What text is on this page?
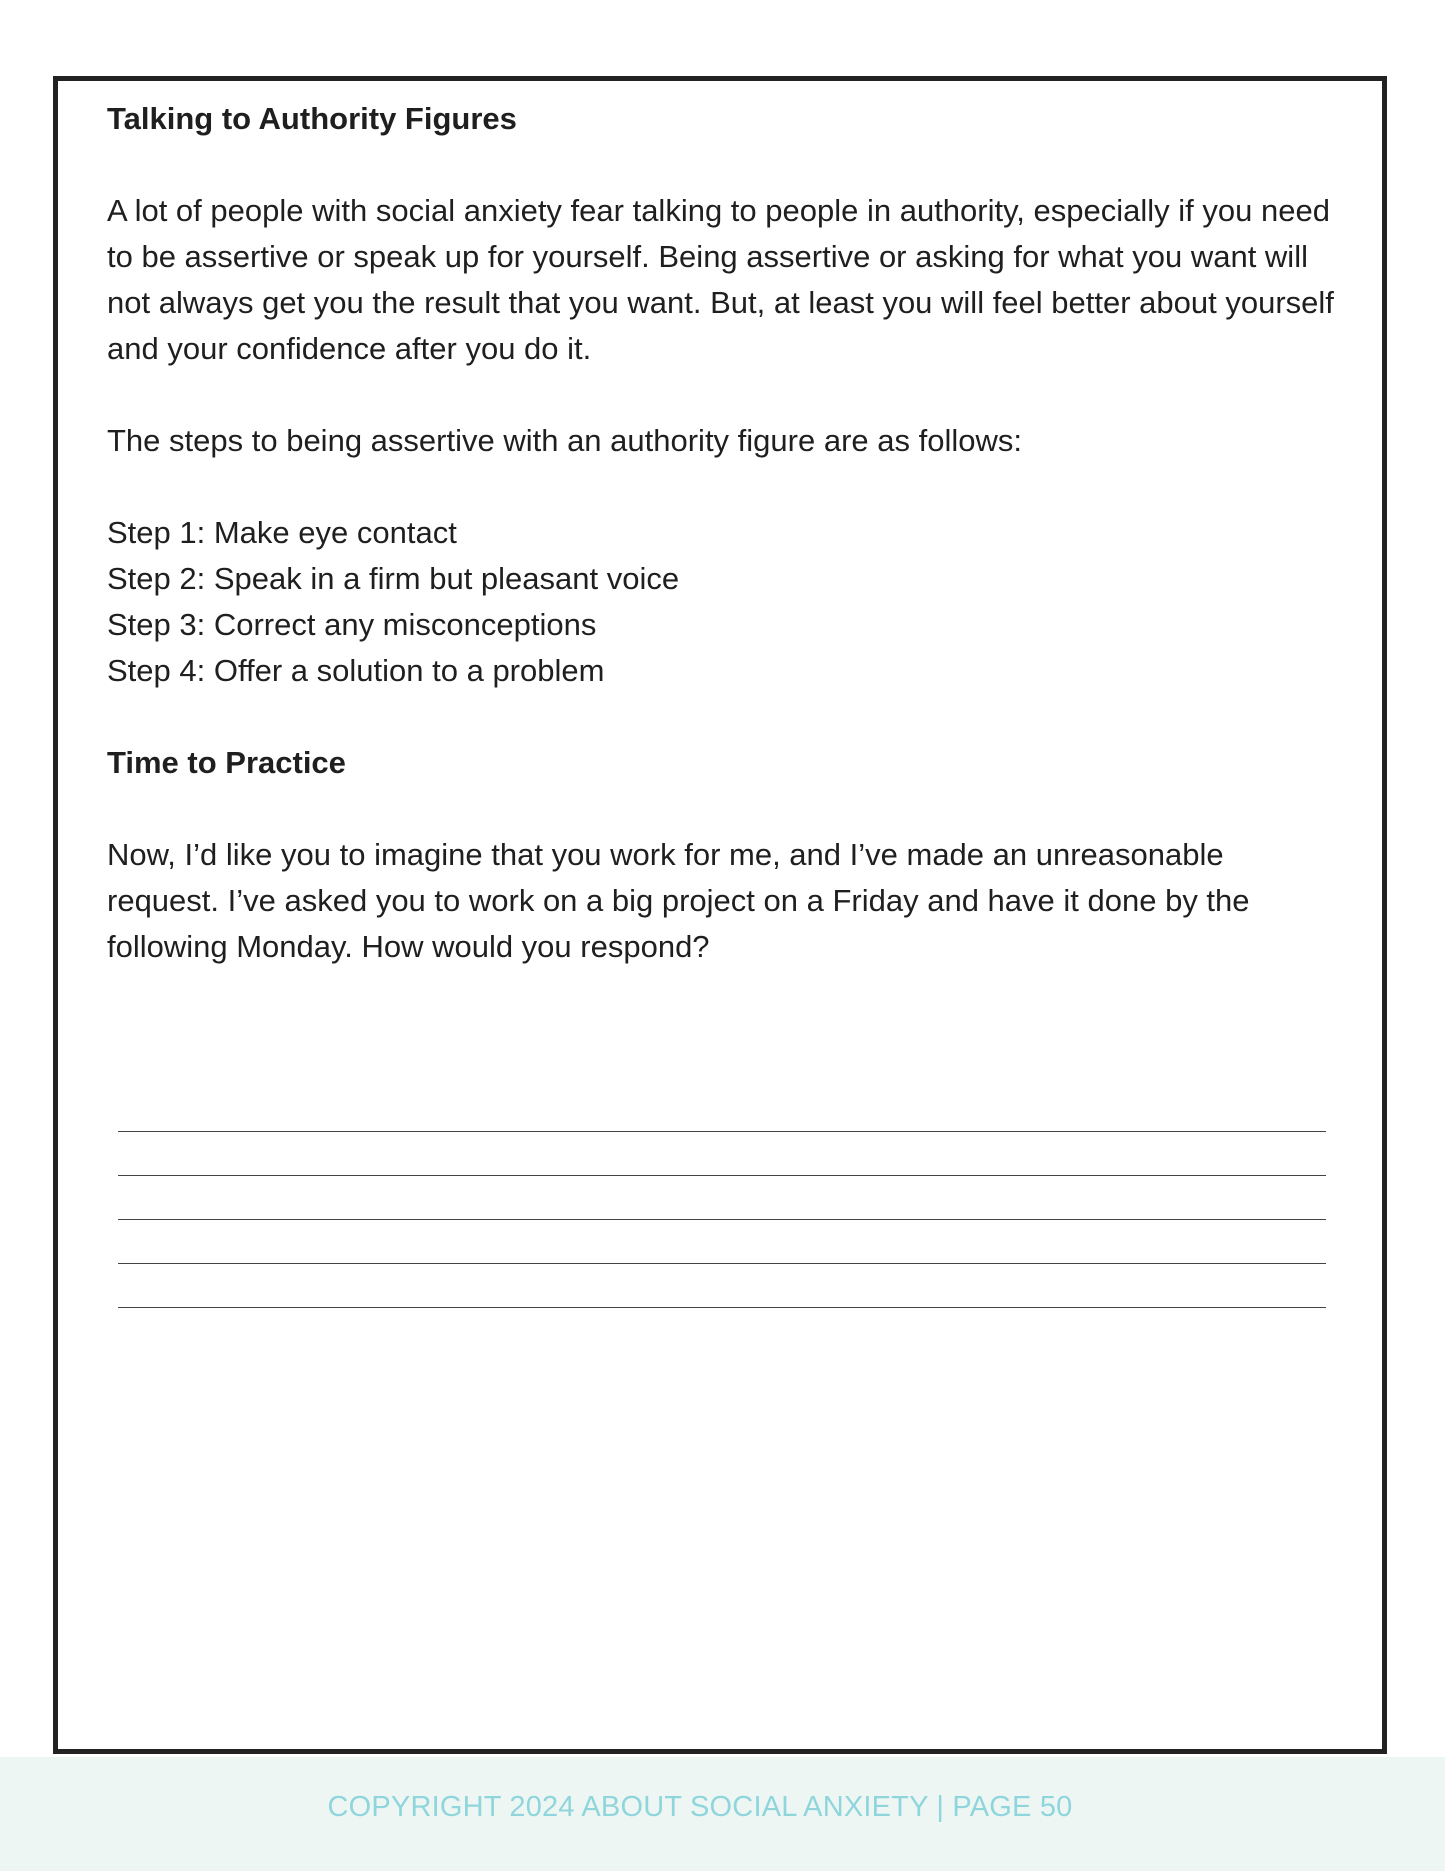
Talking to Authority Figures

A lot of people with social anxiety fear talking to people in authority, especially if you need to be assertive or speak up for yourself. Being assertive or asking for what you want will not always get you the result that you want. But, at least you will feel better about yourself and your confidence after you do it.

The steps to being assertive with an authority figure are as follows:

Step 1: Make eye contact
Step 2: Speak in a firm but pleasant voice
Step 3: Correct any misconceptions
Step 4: Offer a solution to a problem

Time to Practice

Now, I’d like you to imagine that you work for me, and I’ve made an unreasonable request. I’ve asked you to work on a big project on a Friday and have it done by the following Monday. How would you respond?

COPYRIGHT 2024 ABOUT SOCIAL ANXIETY | PAGE 50
